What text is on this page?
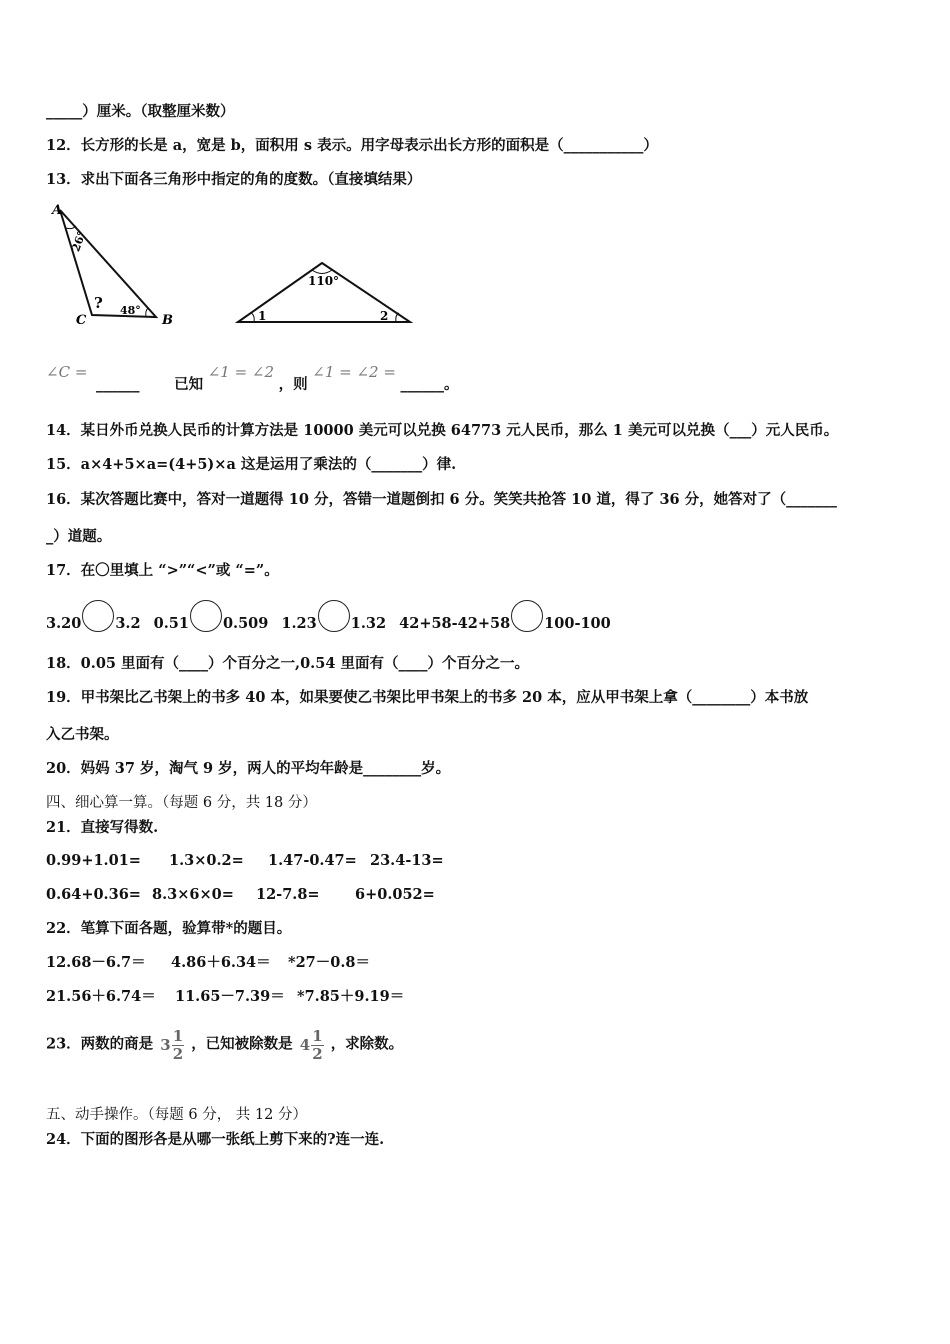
_____）厘米。（取整厘米数）
12．长方形的长是 a，宽是 b，面积用 s 表示。用字母表示出长方形的面积是（___________）
13．求出下面各三角形中指定的角的度数。（直接填结果）
A
C	B
26°
? 48°
110°
1	2
∠C = ______ 已知 ∠1 = ∠2 ，则 ∠1 = ∠2 = ______。
14．某日外币兑换人民币的计算方法是 10000 美元可以兑换 64773 元人民币，那么 1 美元可以兑换（___）元人民币。
15．a×4+5×a=(4+5)×a 这是运用了乘法的（_______）律.
16．某次答题比赛中，答对一道题得 10 分，答错一道题倒扣 6 分。笑笑共抢答 10 道，得了 36 分，她答对了（_______
_）道题。
17．在〇里填上 “>”“<”或 “=”。
3.20 3.2 0.51 0.509 1.23 1.32 42+58-42+58 100-100
18．0.05 里面有（____）个百分之一,0.54 里面有（____）个百分之一。
19．甲书架比乙书架上的书多 40 本，如果要使乙书架比甲书架上的书多 20 本，应从甲书架上拿（________）本书放
入乙书架。
20．妈妈 37 岁，淘气 9 岁，两人的平均年龄是________岁。
四、细心算一算。（每题 6 分，共 18 分）
21．直接写得数.
0.99+1.01= 1.3×0.2= 1.47-0.47= 23.4-13=
0.64+0.36= 8.3×6×0= 12-7.8= 6+0.052=
22．笔算下面各题，验算带*的题目。
12.68－6.7＝ 4.86＋6.34＝ *27－0.8＝
21.56＋6.74＝ 11.65－7.39＝ *7.85＋9.19＝
23．两数的商是 $3 \frac{1}{2}$ ，已知被除数是 $4 \frac{1}{2}$ ，求除数。
五、动手操作。（每题 6 分， 共 12 分）
24．下面的图形各是从哪一张纸上剪下来的?连一连.
